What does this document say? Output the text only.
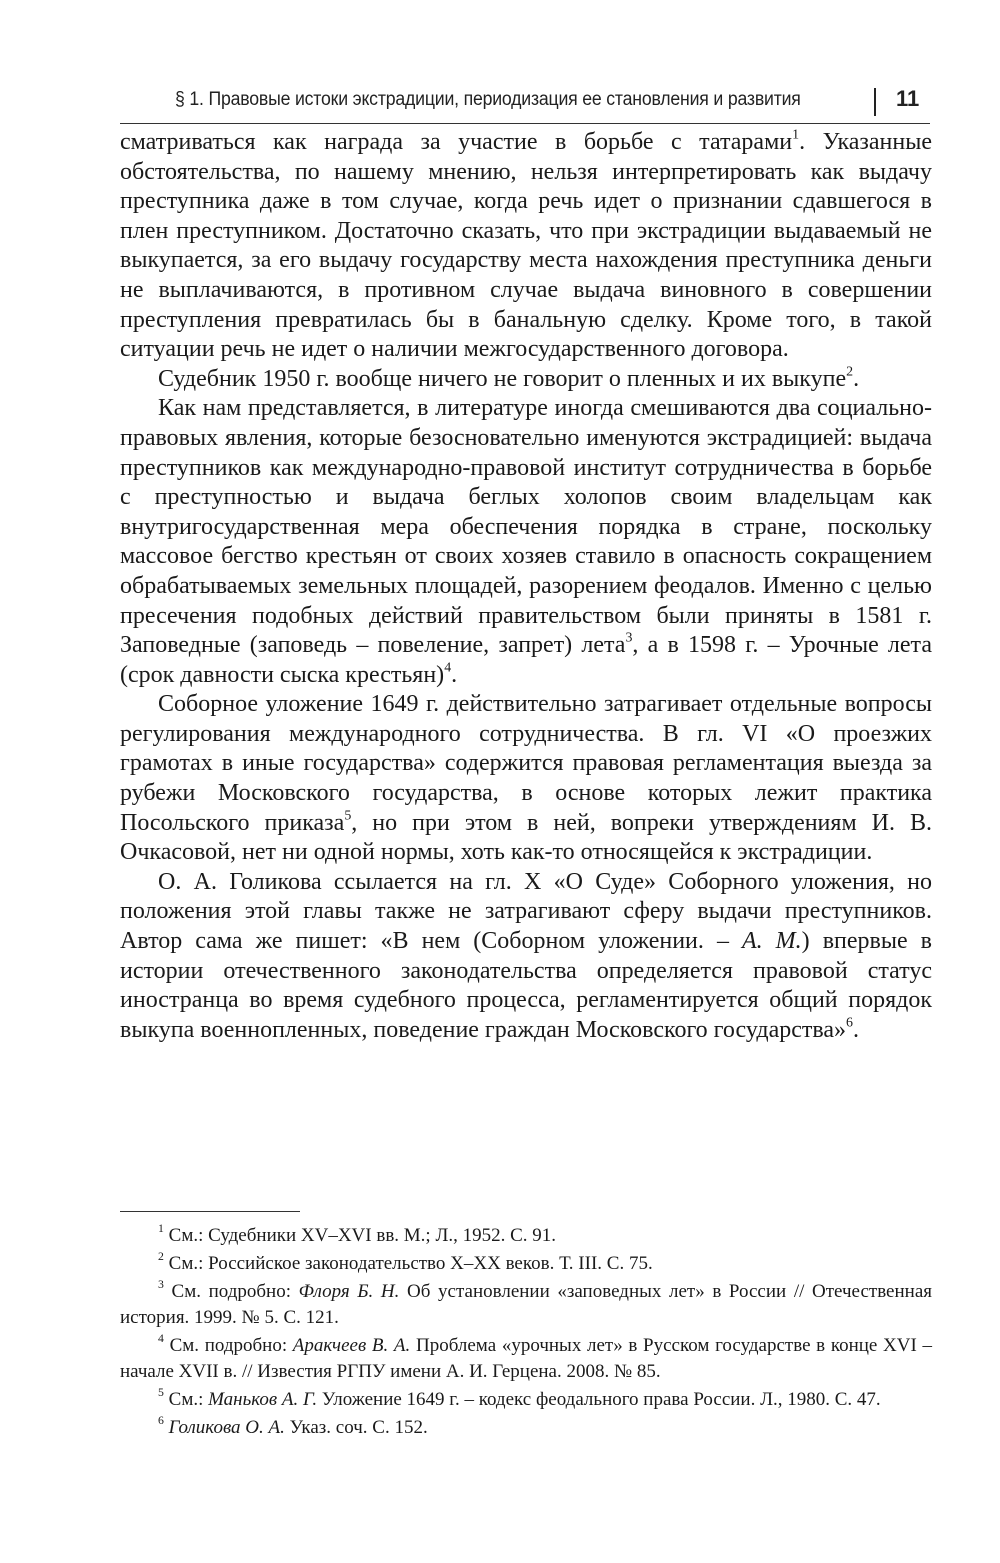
§ 1. Правовые истоки экстрадиции, периодизация ее становления и развития	11

сматриваться как награда за участие в борьбе с татарами$^1$. Указанные обстоятельства, по нашему мнению, нельзя интерпретировать как выдачу преступника даже в том случае, когда речь идет о признании сдавшегося в плен преступником. Достаточно сказать, что при экстрадиции выдаваемый не выкупается, за его выдачу государству места нахождения преступника деньги не выплачиваются, в противном случае выдача виновного в совершении преступления превратилась бы в банальную сделку. Кроме того, в такой ситуации речь не идет о наличии межгосударственного договора.

Судебник 1950 г. вообще ничего не говорит о пленных и их выкупе$^2$.

Как нам представляется, в литературе иногда смешиваются два социально-правовых явления, которые безосновательно именуются экстрадицией: выдача преступников как международно-правовой институт сотрудничества в борьбе с преступностью и выдача беглых холопов своим владельцам как внутригосударственная мера обеспечения порядка в стране, поскольку массовое бегство крестьян от своих хозяев ставило в опасность сокращением обрабатываемых земельных площадей, разорением феодалов. Именно с целью пресечения подобных действий правительством были приняты в 1581 г. Заповедные (заповедь – повеление, запрет) лета$^3$, а в 1598 г. – Урочные лета (срок давности сыска крестьян)$^4$.

Соборное уложение 1649 г. действительно затрагивает отдельные вопросы регулирования международного сотрудничества. В гл. VI «О проезжих грамотах в иные государства» содержится правовая регламентация выезда за рубежи Московского государства, в основе которых лежит практика Посольского приказа$^5$, но при этом в ней, вопреки утверждениям И. В. Очкасовой, нет ни одной нормы, хоть как-то относящейся к экстрадиции.

О. А. Голикова ссылается на гл. Х «О Суде» Соборного уложения, но положения этой главы также не затрагивают сферу выдачи преступников. Автор сама же пишет: «В нем (Соборном уложении. – А. М.) впервые в истории отечественного законодательства определяется правовой статус иностранца во время судебного процесса, регламентируется общий порядок выкупа военнопленных, поведение граждан Московского государства»$^6$.

$^1$ См.: Судебники XV–XVI вв. М.; Л., 1952. С. 91.

$^2$ См.: Российское законодательство X–XX веков. Т. III. С. 75.

$^3$ См. подробно: Флоря Б. Н. Об установлении «заповедных лет» в России // Отечественная история. 1999. № 5. С. 121.

$^4$ См. подробно: Аракчеев В. А. Проблема «урочных лет» в Русском государстве в конце XVI – начале XVII в. // Известия РГПУ имени А. И. Герцена. 2008. № 85.

$^5$ См.: Маньков А. Г. Уложение 1649 г. – кодекс феодального права России. Л., 1980. С. 47.

$^6$ Голикова О. А. Указ. соч. С. 152.
